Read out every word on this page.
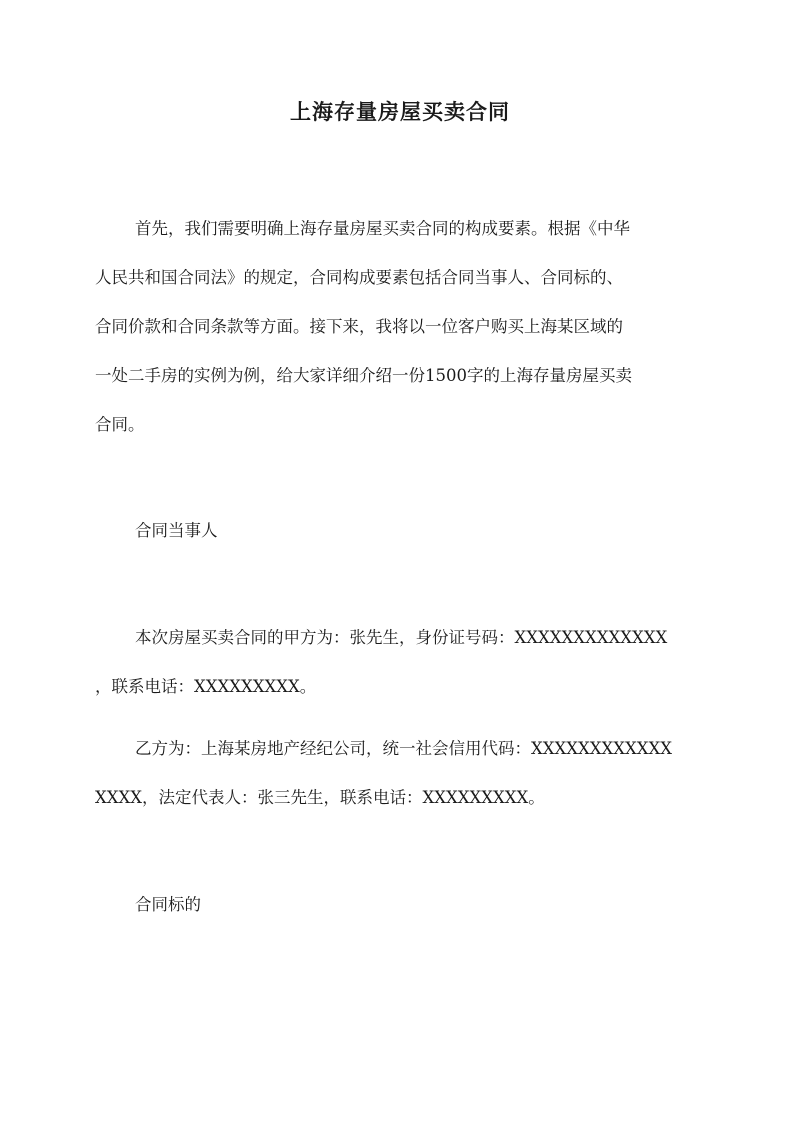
上海存量房屋买卖合同

首先，我们需要明确上海存量房屋买卖合同的构成要素。根据《中华

人民共和国合同法》的规定，合同构成要素包括合同当事人、合同标的、

合同价款和合同条款等方面。接下来，我将以一位客户购买上海某区域的

一处二手房的实例为例，给大家详细介绍一份1500字的上海存量房屋买卖

合同。

合同当事人

本次房屋买卖合同的甲方为：张先生，身份证号码：XXXXXXXXXXXXX

，联系电话：XXXXXXXXX。

乙方为：上海某房地产经纪公司，统一社会信用代码：XXXXXXXXXXXX

XXXX，法定代表人：张三先生，联系电话：XXXXXXXXX。

合同标的
